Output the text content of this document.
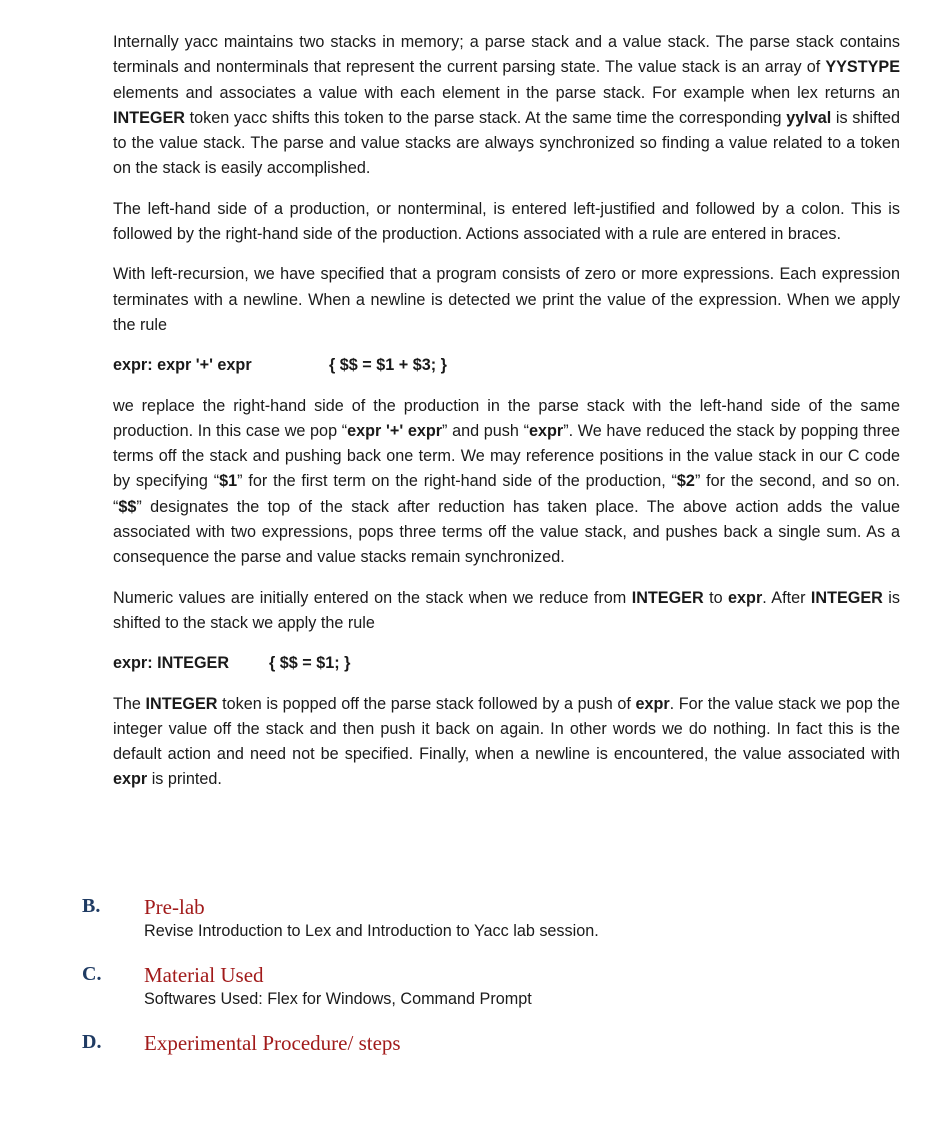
Internally yacc maintains two stacks in memory; a parse stack and a value stack. The parse stack contains terminals and nonterminals that represent the current parsing state. The value stack is an array of YYSTYPE elements and associates a value with each element in the parse stack. For example when lex returns an INTEGER token yacc shifts this token to the parse stack. At the same time the corresponding yylval is shifted to the value stack. The parse and value stacks are always synchronized so finding a value related to a token on the stack is easily accomplished.

The left-hand side of a production, or nonterminal, is entered left-justified and followed by a colon. This is followed by the right-hand side of the production. Actions associated with a rule are entered in braces.

With left-recursion, we have specified that a program consists of zero or more expressions. Each expression terminates with a newline. When a newline is detected we print the value of the expression. When we apply the rule

expr: expr '+' expr	{ $$ = $1 + $3; }

we replace the right-hand side of the production in the parse stack with the left-hand side of the same production. In this case we pop “expr '+' expr” and push “expr”. We have reduced the stack by popping three terms off the stack and pushing back one term. We may reference positions in the value stack in our C code by specifying “$1” for the first term on the right-hand side of the production, “$2” for the second, and so on. “$$” designates the top of the stack after reduction has taken place. The above action adds the value associated with two expressions, pops three terms off the value stack, and pushes back a single sum. As a consequence the parse and value stacks remain synchronized.

Numeric values are initially entered on the stack when we reduce from INTEGER to expr. After INTEGER is shifted to the stack we apply the rule

expr: INTEGER	{ $$ = $1; }

The INTEGER token is popped off the parse stack followed by a push of expr. For the value stack we pop the integer value off the stack and then push it back on again. In other words we do nothing. In fact this is the default action and need not be specified. Finally, when a newline is encountered, the value associated with expr is printed.

B. Pre-lab
Revise Introduction to Lex and Introduction to Yacc lab session.
C. Material Used
Softwares Used: Flex for Windows, Command Prompt
D. Experimental Procedure/ steps
